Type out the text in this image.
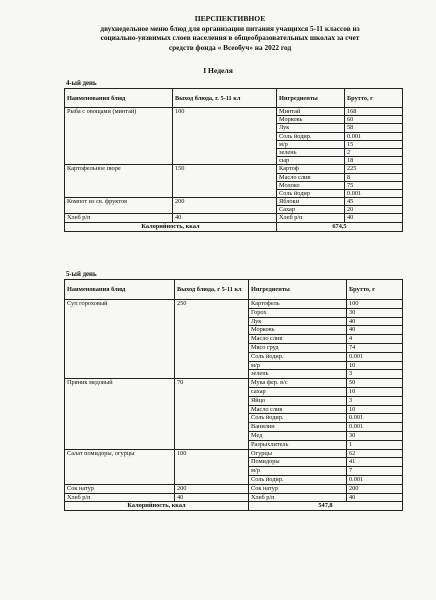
ПЕРСПЕКТИВНОЕ
двухнедельное меню блюд для организации питания учащихся 5-11 классов из
социально-уязвимых слоев населения в общеобразовательных школах за счет
средств фонда « Всеобуч» на 2022 год
I Неделя
4-ый день
Наименования блюд	Выход блюда, г. 5-11 кл	Ингредиенты	Брутто, г
Рыба с овощами (минтай)	100	Минтай	168
		Морковь	60
		Лук	58
		Соль йодир.	0.001
		м/р	15
		зелень	2
		сыр	18
Картофельное пюре	150	Картоф	225
		Масло слив	8
		Молоко	75
		Соль йодир	0.001
Компот из св. фруктов	200	Яблоки	45
		Сахар	20
Хлеб р/п	40	Хлеб р/п	40
Калорийность, ккал		674,5	
5-ый день
Наименования блюд	Выход блюда, г 5-11 кл	Ингредиенты	Брутто, г
Суп гороховый	250	Картофель	100
		Горох	30
		Лук	40
		Морковь	40
		Масло слив	4
		Мясо груд	74
		Соль йодир.	0.001
		м/р	10
		зелень	3
Пряник медовый	70	Мука фер. в/с	50
		сахар	10
		Яйцо	3
		Масло слив	10
		Соль йодир.	0.001
		Ванилин	0.001
		Мед	30
		Разрыхлитель	1
Салат помидоры, огурцы	100	Огурцы	62
		Помидоры	41
		м/р	7
		Соль йодир.	0.001
Сок натур	200	Сок натур	200
Хлеб р/п	40	Хлеб р/п	40
Калорийность, ккал		547,8	
